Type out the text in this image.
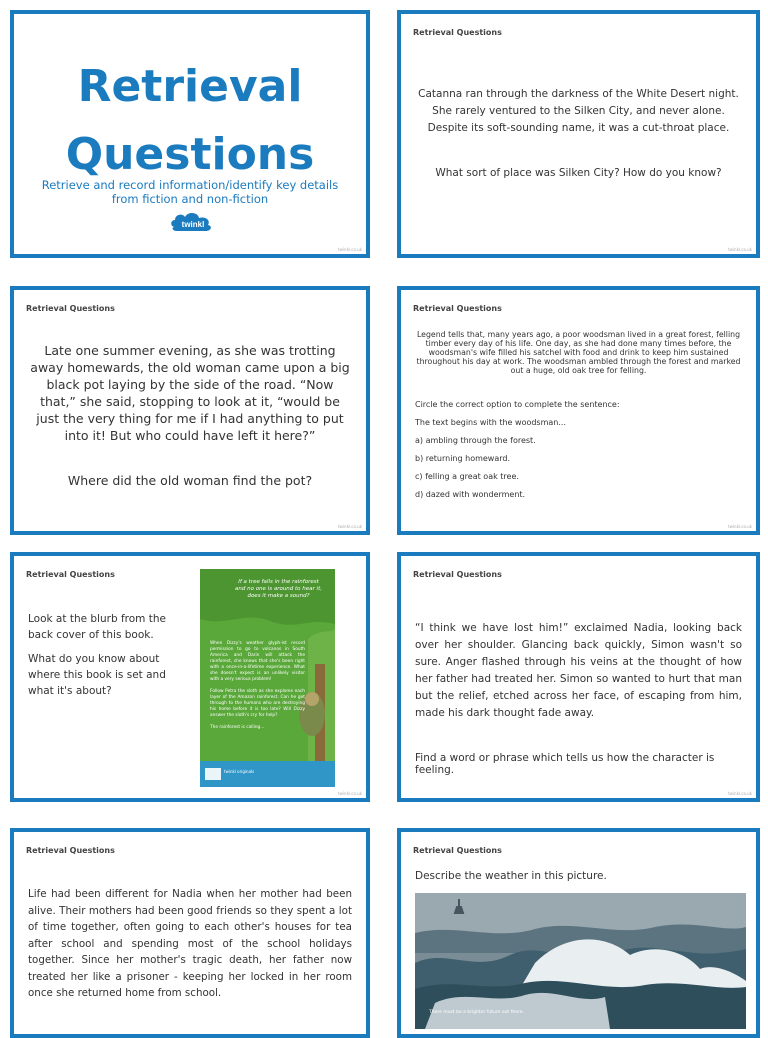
Retrieval
Questions
Retrieve and record information/identify key details from fiction and non-fiction
twinkl
twinkl.co.uk
Retrieval Questions
Catanna ran through the darkness of the White Desert night. She rarely ventured to the Silken City, and never alone. Despite its soft-sounding name, it was a cut-throat place.
What sort of place was Silken City? How do you know?
twinkl.co.uk
Retrieval Questions
Late one summer evening, as she was trotting away homewards, the old woman came upon a big black pot laying by the side of the road. “Now that,” she said, stopping to look at it, “would be just the very thing for me if I had anything to put into it! But who could have left it here?”
Where did the old woman find the pot?
twinkl.co.uk
Retrieval Questions
Legend tells that, many years ago, a poor woodsman lived in a great forest, felling timber every day of his life. One day, as she had done many times before, the woodsman's wife filled his satchel with food and drink to keep him sustained throughout his day at work. The woodsman ambled through the forest and marked out a huge, old oak tree for felling.

Circle the correct option to complete the sentence:

The text begins with the woodsman...

a) ambling through the forest.

b) returning homeward.

c) felling a great oak tree.

d) dazed with wonderment.

twinkl.co.uk
Retrieval Questions

Look at the blurb from the back cover of this book.

What do you know about where this book is set and what it's about?

If a tree falls in the rainforest
and no one is around to hear it,
does it make a sound?

When Dizzy's weather glyph-ist record permission to go to volcanos in South America and Darin will attack the rainforest, she knows that she's been right with a once-in-a-lifetime experience. What she doesn't expect is an unlikely visitor with a very serious problem!

Follow Petra the sloth as she explores each layer of the Amazon rainforest. Can he get through to the humans who are destroying his home before it is too late? Will Dizzy answer the sloth's cry for help?

The rainforest is calling...

twinkl originals
twinkl.co.uk
Retrieval Questions
“I think we have lost him!” exclaimed Nadia, looking back over her shoulder. Glancing back quickly, Simon wasn't so sure. Anger flashed through his veins at the thought of how her father had treated her. Simon so wanted to hurt that man but the relief, etched across her face, of escaping from him, made his dark thought fade away.
Find a word or phrase which tells us how the character is feeling.
twinkl.co.uk
Retrieval Questions
Life had been different for Nadia when her mother had been alive. Their mothers had been good friends so they spent a lot of time together, often going to each other's houses for tea after school and spending most of the school holidays together. Since her mother's tragic death, her father now treated her like a prisoner - keeping her locked in her room once she returned home from school.
Retrieval Questions
Describe the weather in this picture.
There must be a brighter future out there.
